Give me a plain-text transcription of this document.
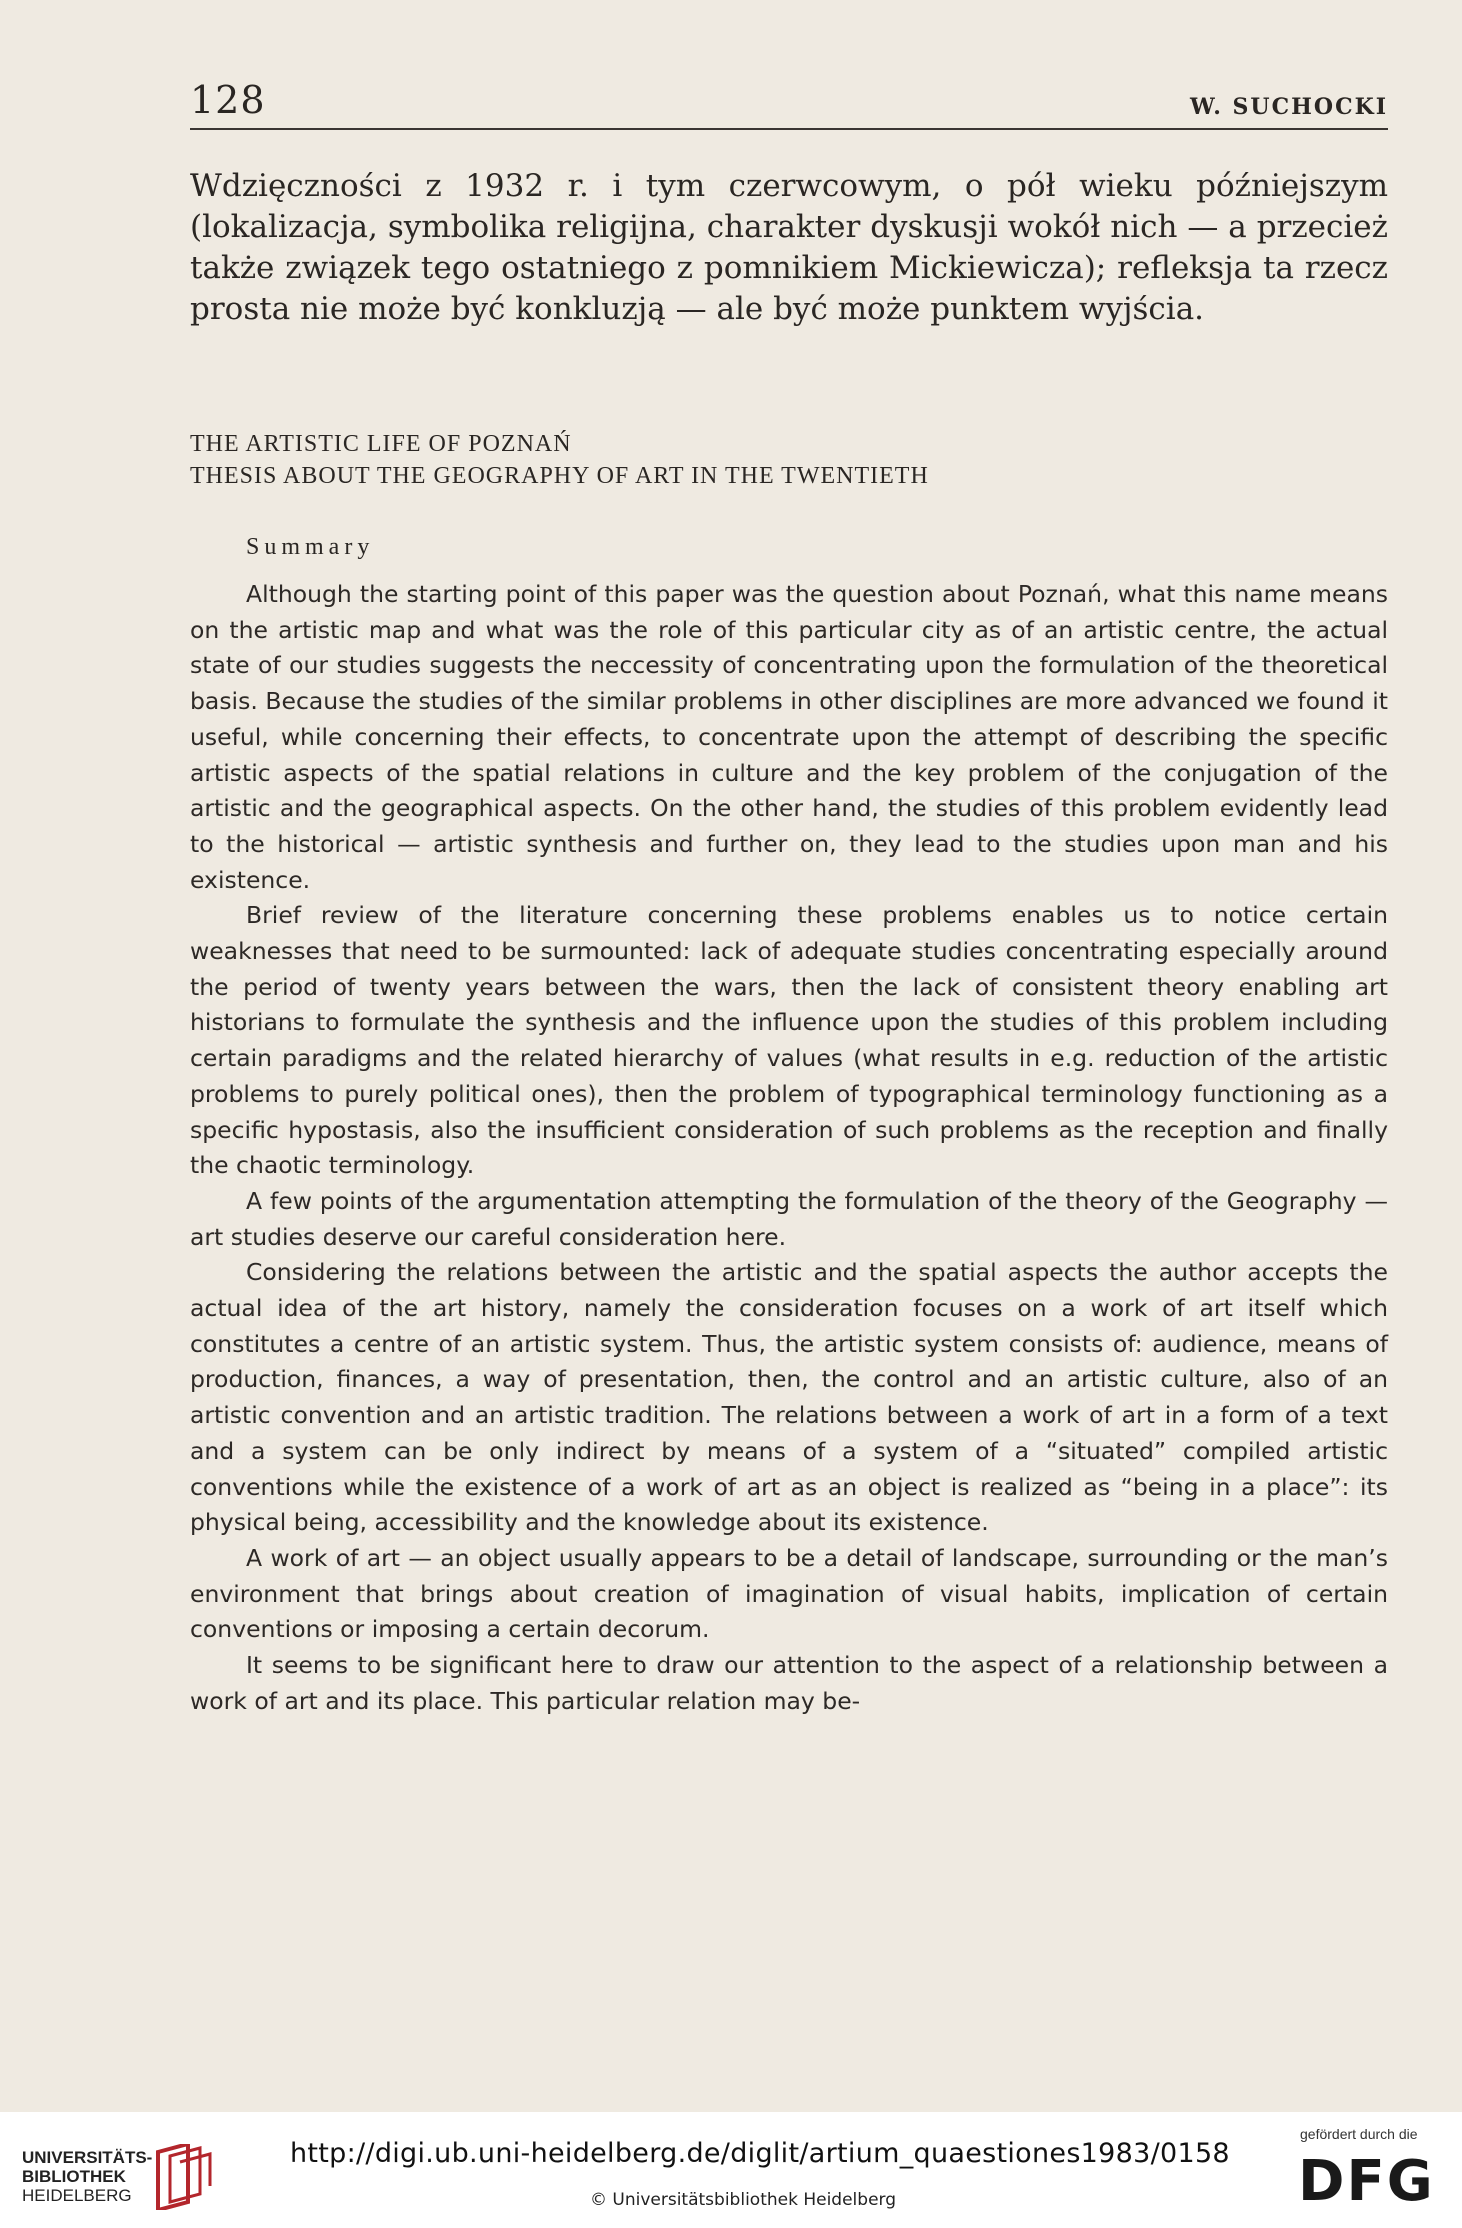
128	W. SUCHOCKI

Wdzięczności z 1932 r. i tym czerwcowym, o pół wieku późniejszym (lokalizacja, symbolika religijna, charakter dyskusji wokół nich — a przecież także związek tego ostatniego z pomnikiem Mickiewicza); refleksja ta rzecz prosta nie może być konkluzją — ale być może punktem wyjścia.

THE ARTISTIC LIFE OF POZNAŃ
THESIS ABOUT THE GEOGRAPHY OF ART IN THE TWENTIETH
Summary

Although the starting point of this paper was the question about Poznań, what this name means on the artistic map and what was the role of this particular city as of an artistic centre, the actual state of our studies suggests the neccessity of concentrating upon the formulation of the theoretical basis. Because the studies of the similar problems in other disciplines are more advanced we found it useful, while concerning their effects, to concentrate upon the attempt of describing the specific artistic aspects of the spatial relations in culture and the key problem of the conjugation of the artistic and the geographical aspects. On the other hand, the studies of this problem evidently lead to the historical — artistic synthesis and further on, they lead to the studies upon man and his existence.

Brief review of the literature concerning these problems enables us to notice certain weaknesses that need to be surmounted: lack of adequate studies concentrating especially around the period of twenty years between the wars, then the lack of consistent theory enabling art historians to formulate the synthesis and the influence upon the studies of this problem including certain paradigms and the related hierarchy of values (what results in e.g. reduction of the artistic problems to purely political ones), then the problem of typographical terminology functioning as a specific hypostasis, also the insufficient consideration of such problems as the reception and finally the chaotic terminology.

A few points of the argumentation attempting the formulation of the theory of the Geography — art studies deserve our careful consideration here.

Considering the relations between the artistic and the spatial aspects the author accepts the actual idea of the art history, namely the consideration focuses on a work of art itself which constitutes a centre of an artistic system. Thus, the artistic system consists of: audience, means of production, finances, a way of presentation, then, the control and an artistic culture, also of an artistic convention and an artistic tradition. The relations between a work of art in a form of a text and a system can be only indirect by means of a system of a “situated” compiled artistic conventions while the existence of a work of art as an object is realized as “being in a place”: its physical being, accessibility and the knowledge about its existence.

A work of art — an object usually appears to be a detail of landscape, surrounding or the man’s environment that brings about creation of imagination of visual habits, implication of certain conventions or imposing a certain decorum.

It seems to be significant here to draw our attention to the aspect of a relationship between a work of art and its place. This particular relation may be-

UNIVERSITÄTS-
BIBLIOTHEK
HEIDELBERG
http://digi.ub.uni-heidelberg.de/diglit/artium_quaestiones1983/0158
© Universitätsbibliothek Heidelberg
gefördert durch die
DFG
